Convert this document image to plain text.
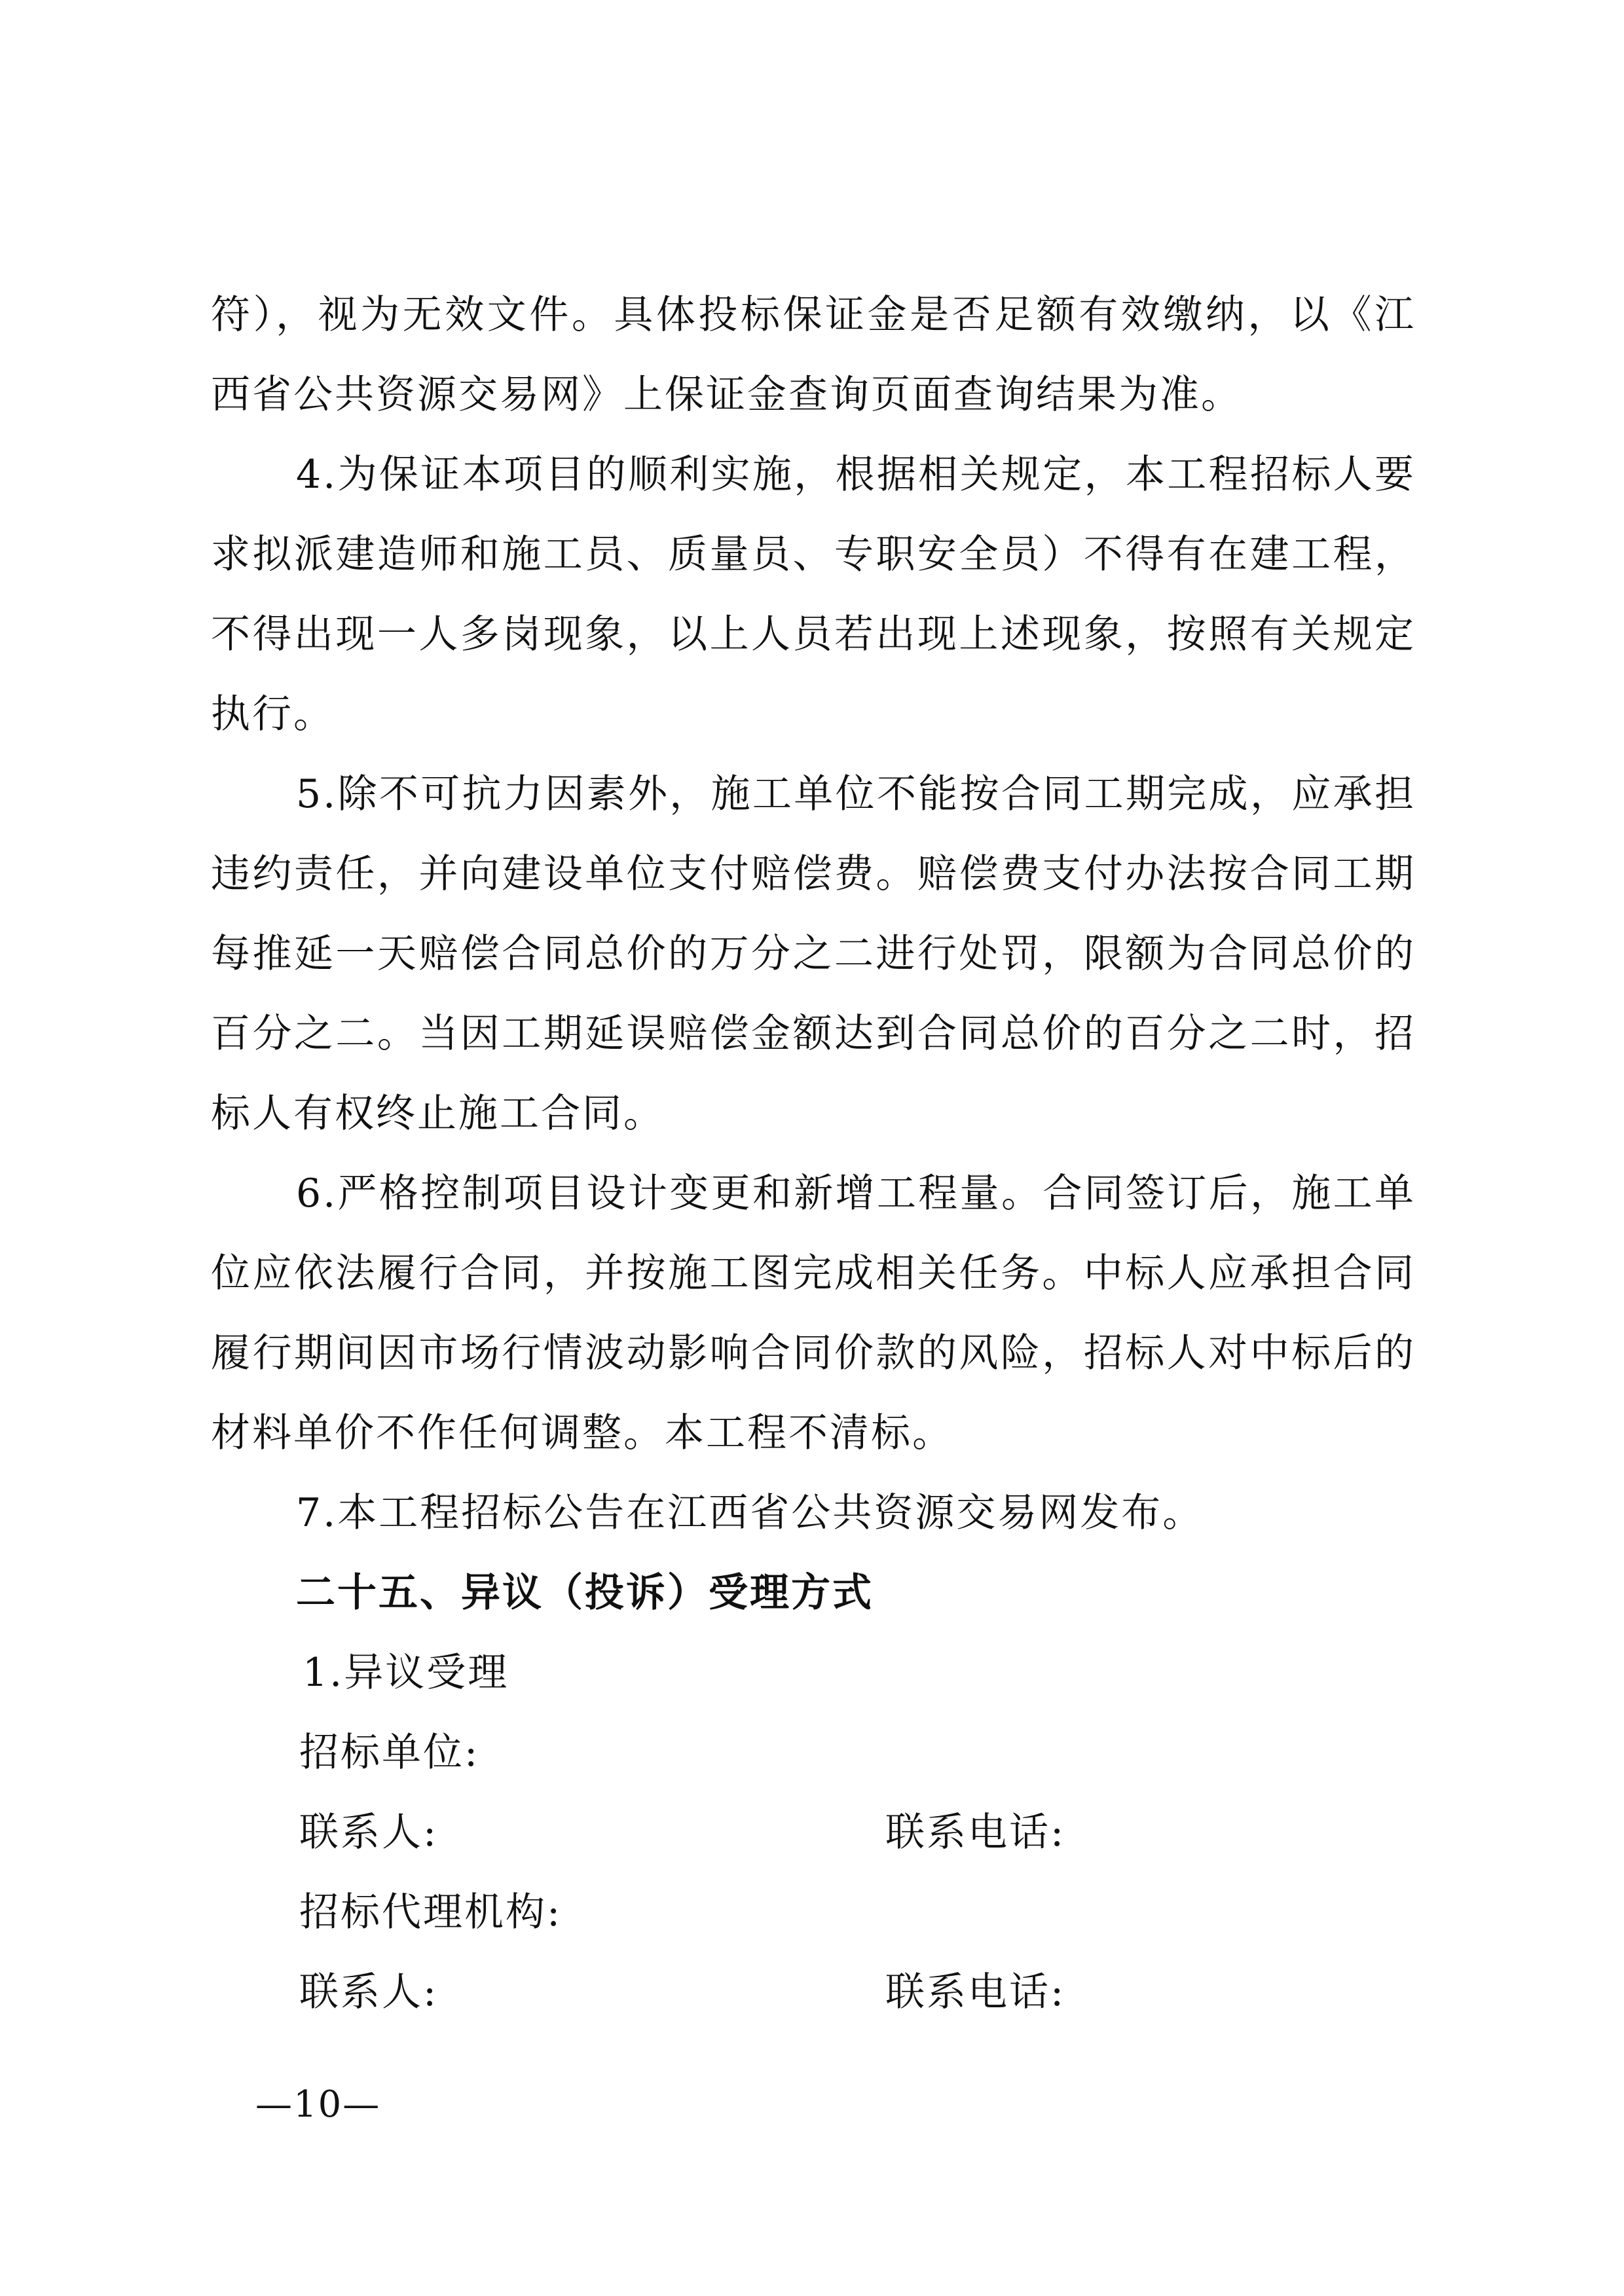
符），视为无效文件。具体投标保证金是否足额有效缴纳，以《江西省公共资源交易网》上保证金查询页面查询结果为准。

4.为保证本项目的顺利实施，根据相关规定，本工程招标人要求拟派建造师和施工员、质量员、专职安全员）不得有在建工程，不得出现一人多岗现象，以上人员若出现上述现象，按照有关规定执行。

5.除不可抗力因素外，施工单位不能按合同工期完成，应承担违约责任，并向建设单位支付赔偿费。赔偿费支付办法按合同工期每推延一天赔偿合同总价的万分之二进行处罚，限额为合同总价的百分之二。当因工期延误赔偿金额达到合同总价的百分之二时，招标人有权终止施工合同。

6.严格控制项目设计变更和新增工程量。合同签订后，施工单位应依法履行合同，并按施工图完成相关任务。中标人应承担合同履行期间因市场行情波动影响合同价款的风险，招标人对中标后的材料单价不作任何调整。本工程不清标。

7.本工程招标公告在江西省公共资源交易网发布。

二十五、异议（投诉）受理方式

1.异议受理

招标单位:

联系人:	联系电话:

招标代理机构:

联系人:	联系电话:

—10—
